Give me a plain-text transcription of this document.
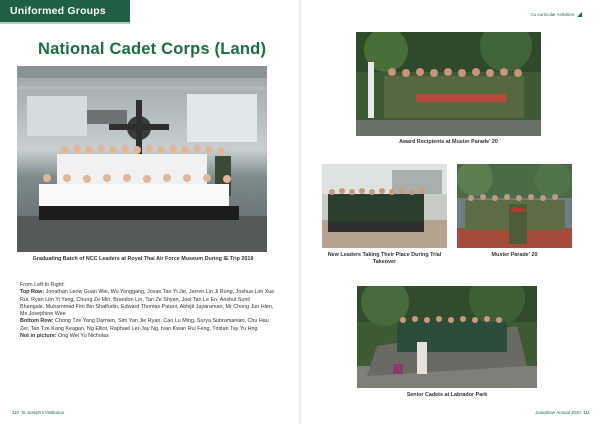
Uniformed Groups
National Cadet Corps (Land)
Graduating Batch of NCC Leaders at Royal Thai Air Force Museum During IE Trip 2019

From Left to Right:

Top Row: Jonathan Leow Guan Wei, Wu Yonggang, Jovan Tan Yi Jie, Jarren Lin Ji Rong, Joshua Lim Xue Rui, Ryan Lim Yi Yang, Chung Ze Min, Brandon Lin, Tan Ze Shyan, Joel Tan Le En, Anshul Sunil Bhangale, Muhammad Fitri Bin Shaifudin, Edward Thomas Patani, Abhijit Jayaraman, Mr Chong Jun Hien, Ms Josephine Wee

Bottom Row: Chong Tze Yang Damien, Sim Yan Jie Ryan, Cao Lu Ming, Surya Subramanian, Chu Hau Zer, Tan Tze Kang Keagan, Ng Elliot, Raphael Ler-Jay Ng, Ivan Kwan Rui Feng, Tristan Tay Yu Hng

Not in picture: Ong Wei Yu Nicholas

110 St Joseph's Institution
Co-curricular Activities
Award Recipients at Muster Parade' 20
New Leaders Taking Their Place During Trial Takeover
Muster Parade' 20
Senior Cadets at Labrador Park
Josephian Annual 2020 111
